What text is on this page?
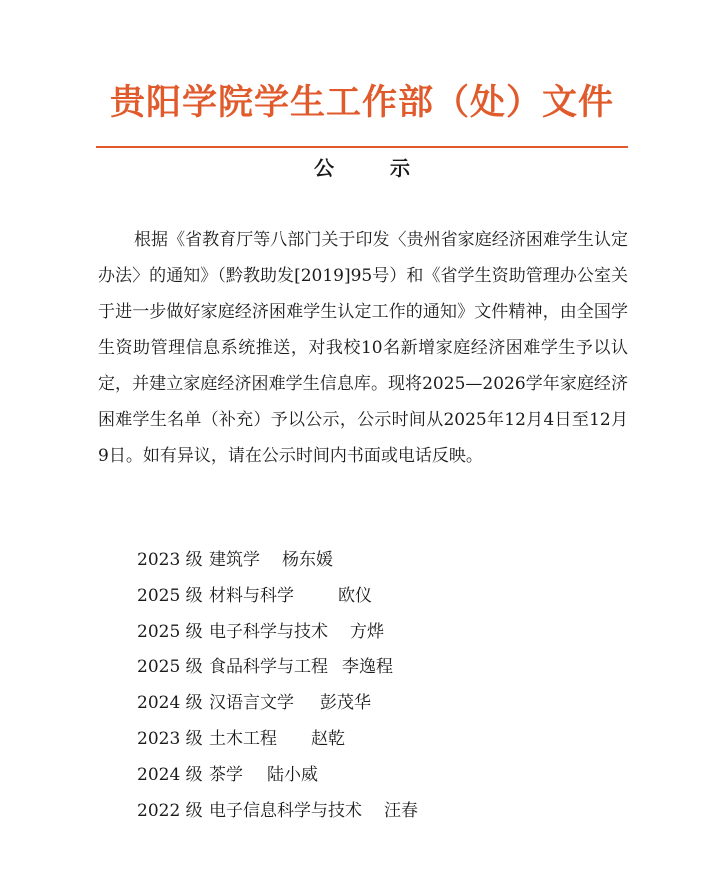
贵阳学院学生工作部（处）文件
公　示

根据《省教育厅等八部门关于印发〈贵州省家庭经济困难学生认定办法〉的通知》（黔教助发[2019]95号）和《省学生资助管理办公室关于进一步做好家庭经济困难学生认定工作的通知》文件精神，由全国学生资助管理信息系统推送，对我校10名新增家庭经济困难学生予以认定，并建立家庭经济困难学生信息库。现将2025—2026学年家庭经济困难学生名单（补充）予以公示，公示时间从2025年12月4日至12月9日。如有异议，请在公示时间内书面或电话反映。

2023 级 建筑学 杨东媛
2025 级 材料与科学	欧仪
2025 级 电子科学与技术 方烨
2025 级 食品科学与工程 李逸程
2024 级 汉语言文学 彭茂华
2023 级 土木工程 赵乾
2024 级 茶学 陆小威
2022 级 电子信息科学与技术 汪春
